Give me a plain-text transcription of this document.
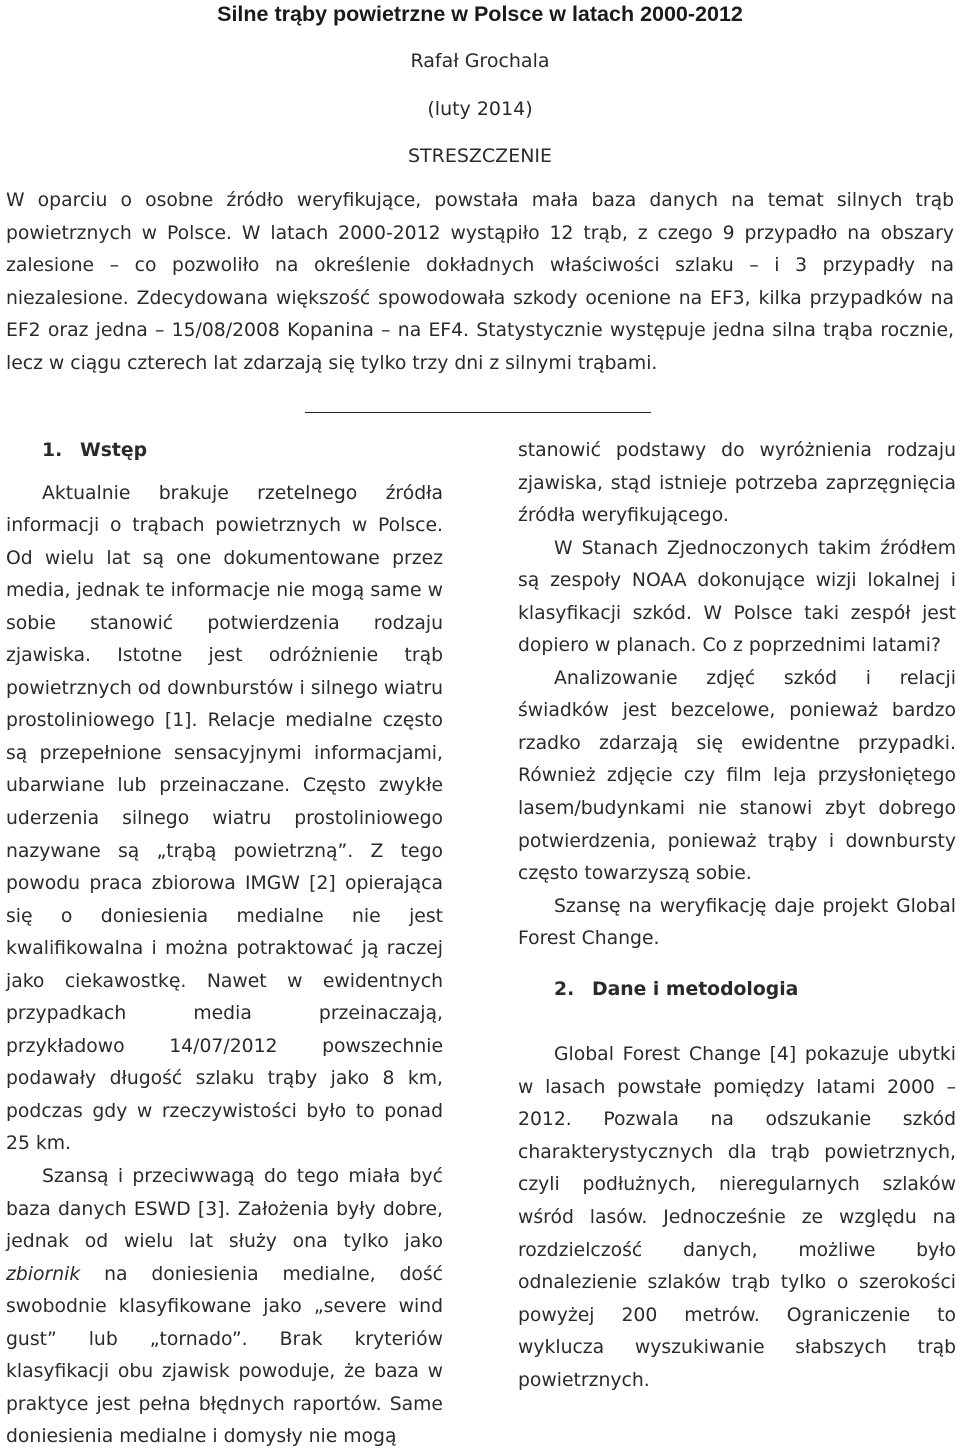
Silne trąby powietrzne w Polsce w latach 2000-2012
Rafał Grochala
(luty 2014)
STRESZCZENIE

W oparciu o osobne źródło weryfikujące, powstała mała baza danych na temat silnych trąb powietrznych w Polsce. W latach 2000-2012 wystąpiło 12 trąb, z czego 9 przypadło na obszary zalesione – co pozwoliło na określenie dokładnych właściwości szlaku – i 3 przypadły na niezalesione. Zdecydowana większość spowodowała szkody ocenione na EF3, kilka przypadków na EF2 oraz jedna – 15/08/2008 Kopanina – na EF4. Statystycznie występuje jedna silna trąba rocznie, lecz w ciągu czterech lat zdarzają się tylko trzy dni z silnymi trąbami.

1. Wstęp

Aktualnie brakuje rzetelnego źródła informacji o trąbach powietrznych w Polsce. Od wielu lat są one dokumentowane przez media, jednak te informacje nie mogą same w sobie stanowić potwierdzenia rodzaju zjawiska. Istotne jest odróżnienie trąb powietrznych od downburstów i silnego wiatru prostoliniowego [1]. Relacje medialne często są przepełnione sensacyjnymi informacjami, ubarwiane lub przeinaczane. Często zwykłe uderzenia silnego wiatru prostoliniowego nazywane są „trąbą powietrzną”. Z tego powodu praca zbiorowa IMGW [2] opierająca się o doniesienia medialne nie jest kwalifikowalna i można potraktować ją raczej jako ciekawostkę. Nawet w ewidentnych przypadkach media przeinaczają, przykładowo 14/07/2012 powszechnie podawały długość szlaku trąby jako 8 km, podczas gdy w rzeczywistości było to ponad 25 km.

Szansą i przeciwwagą do tego miała być baza danych ESWD [3]. Założenia były dobre, jednak od wielu lat służy ona tylko jako zbiornik na doniesienia medialne, dość swobodnie klasyfikowane jako „severe wind gust” lub „tornado”. Brak kryteriów klasyfikacji obu zjawisk powoduje, że baza w praktyce jest pełna błędnych raportów. Same doniesienia medialne i domysły nie mogą

stanowić podstawy do wyróżnienia rodzaju zjawiska, stąd istnieje potrzeba zaprzęgnięcia źródła weryfikującego.

W Stanach Zjednoczonych takim źródłem są zespoły NOAA dokonujące wizji lokalnej i klasyfikacji szkód. W Polsce taki zespół jest dopiero w planach. Co z poprzednimi latami?

Analizowanie zdjęć szkód i relacji świadków jest bezcelowe, ponieważ bardzo rzadko zdarzają się ewidentne przypadki. Również zdjęcie czy film leja przysłoniętego lasem/budynkami nie stanowi zbyt dobrego potwierdzenia, ponieważ trąby i downbursty często towarzyszą sobie.

Szansę na weryfikację daje projekt Global Forest Change.

2. Dane i metodologia

Global Forest Change [4] pokazuje ubytki w lasach powstałe pomiędzy latami 2000 – 2012. Pozwala na odszukanie szkód charakterystycznych dla trąb powietrznych, czyli podłużnych, nieregularnych szlaków wśród lasów. Jednocześnie ze względu na rozdzielczość danych, możliwe było odnalezienie szlaków trąb tylko o szerokości powyżej 200 metrów. Ograniczenie to wyklucza wyszukiwanie słabszych trąb powietrznych.
